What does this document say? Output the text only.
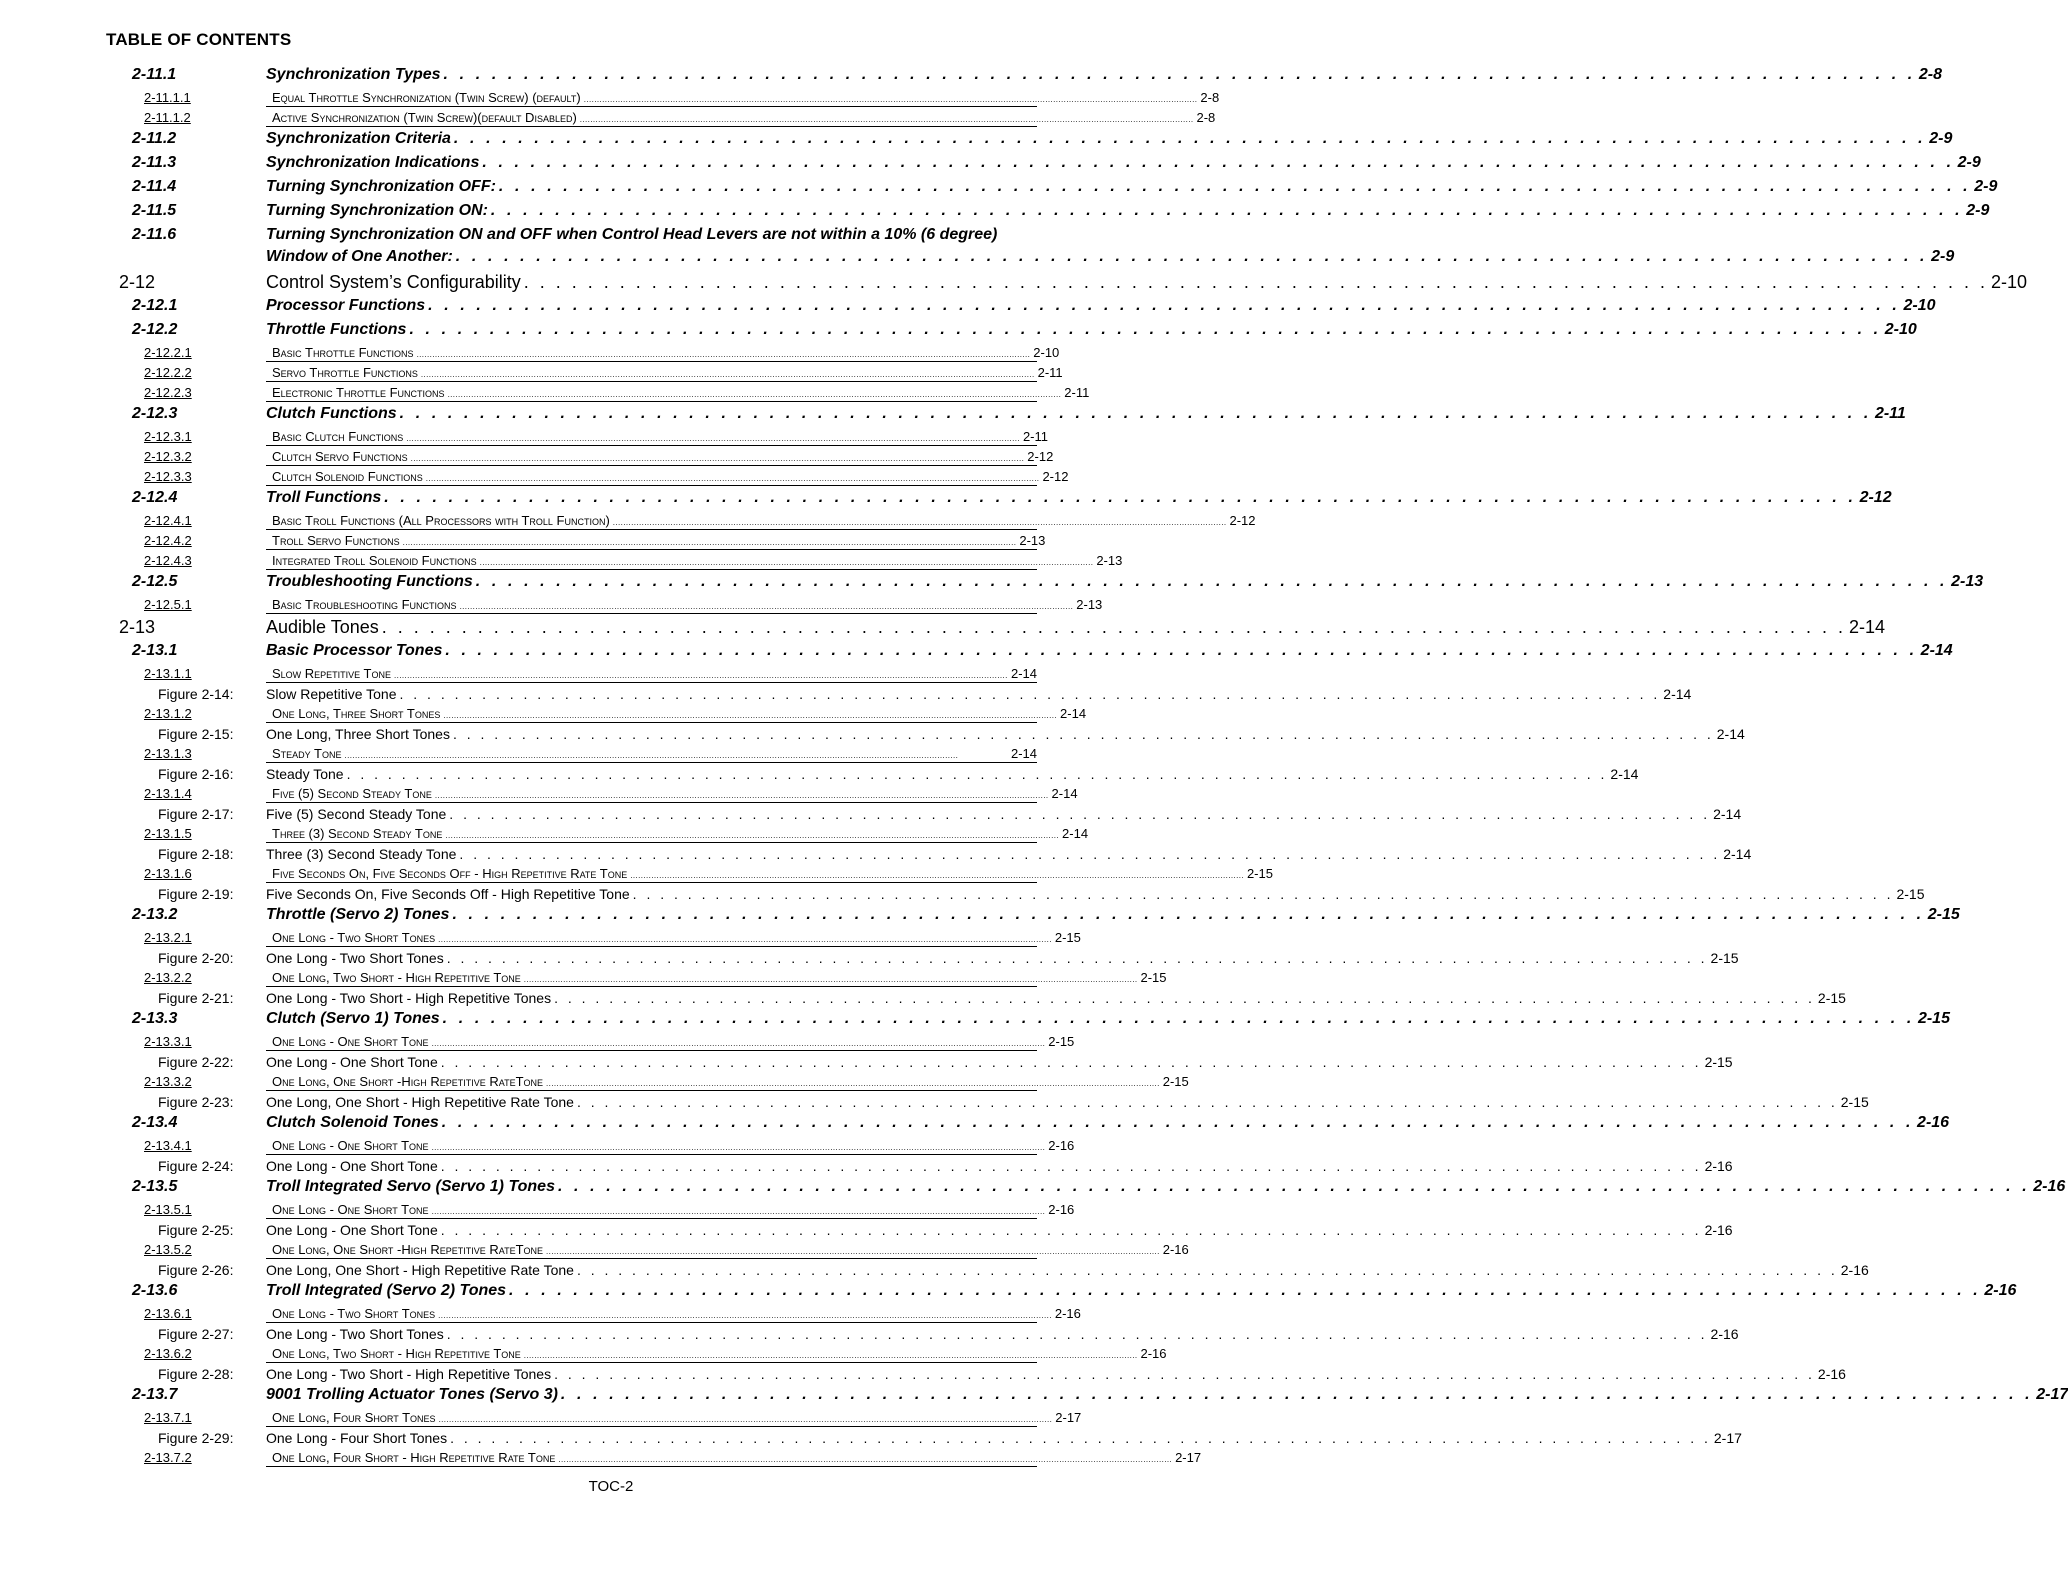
TABLE OF CONTENTS
2-11.1	Synchronization Types . . . . . . . . . . . . . . . . . . . . . . . . . . . . . . . . . . . . . . . . . . . . . . . . . . . . . . . . . . . . . . . . . . . . . . . . . . . . . . . . . . . . . . . . . . . . 2-8
2-11.1.1	Equal Throttle Synchronization (Twin Screw) (default) .......................................................................................................................................................................................................................................... 2-8
2-11.1.2	Active Synchronization (Twin Screw)(default Disabled) .......................................................................................................................................................................................................................................... 2-8
2-11.2	Synchronization Criteria . . . . . . . . . . . . . . . . . . . . . . . . . . . . . . . . . . . . . . . . . . . . . . . . . . . . . . . . . . . . . . . . . . . . . . . . . . . . . . . . . . . . . . . . . . . . 2-9
2-11.3	Synchronization Indications . . . . . . . . . . . . . . . . . . . . . . . . . . . . . . . . . . . . . . . . . . . . . . . . . . . . . . . . . . . . . . . . . . . . . . . . . . . . . . . . . . . . . . . . . . . . 2-9
2-11.4	Turning Synchronization OFF: . . . . . . . . . . . . . . . . . . . . . . . . . . . . . . . . . . . . . . . . . . . . . . . . . . . . . . . . . . . . . . . . . . . . . . . . . . . . . . . . . . . . . . . . . . . . 2-9
2-11.5	Turning Synchronization ON: . . . . . . . . . . . . . . . . . . . . . . . . . . . . . . . . . . . . . . . . . . . . . . . . . . . . . . . . . . . . . . . . . . . . . . . . . . . . . . . . . . . . . . . . . . . . 2-9
2-11.6	Turning Synchronization ON and OFF when Control Head Levers are not within a 10% (6 degree)
Window of One Another: . . . . . . . . . . . . . . . . . . . . . . . . . . . . . . . . . . . . . . . . . . . . . . . . . . . . . . . . . . . . . . . . . . . . . . . . . . . . . . . . . . . . . . . . . . . . 2-9
2-12	Control System’s Configurability . . . . . . . . . . . . . . . . . . . . . . . . . . . . . . . . . . . . . . . . . . . . . . . . . . . . . . . . . . . . . . . . . . . . . . . . . . . . . . . . . . . . . . . . . . . . 2-10
2-12.1	Processor Functions . . . . . . . . . . . . . . . . . . . . . . . . . . . . . . . . . . . . . . . . . . . . . . . . . . . . . . . . . . . . . . . . . . . . . . . . . . . . . . . . . . . . . . . . . . . . 2-10
2-12.2	Throttle Functions . . . . . . . . . . . . . . . . . . . . . . . . . . . . . . . . . . . . . . . . . . . . . . . . . . . . . . . . . . . . . . . . . . . . . . . . . . . . . . . . . . . . . . . . . . . . 2-10
2-12.2.1	Basic Throttle Functions .......................................................................................................................................................................................................................................... 2-10
2-12.2.2	Servo Throttle Functions .......................................................................................................................................................................................................................................... 2-11
2-12.2.3	Electronic Throttle Functions .......................................................................................................................................................................................................................................... 2-11
2-12.3	Clutch Functions . . . . . . . . . . . . . . . . . . . . . . . . . . . . . . . . . . . . . . . . . . . . . . . . . . . . . . . . . . . . . . . . . . . . . . . . . . . . . . . . . . . . . . . . . . . . 2-11
2-12.3.1	Basic Clutch Functions .......................................................................................................................................................................................................................................... 2-11
2-12.3.2	Clutch Servo Functions .......................................................................................................................................................................................................................................... 2-12
2-12.3.3	Clutch Solenoid Functions .......................................................................................................................................................................................................................................... 2-12
2-12.4	Troll Functions . . . . . . . . . . . . . . . . . . . . . . . . . . . . . . . . . . . . . . . . . . . . . . . . . . . . . . . . . . . . . . . . . . . . . . . . . . . . . . . . . . . . . . . . . . . . 2-12
2-12.4.1	Basic Troll Functions (All Processors with Troll Function) .......................................................................................................................................................................................................................................... 2-12
2-12.4.2	Troll Servo Functions .......................................................................................................................................................................................................................................... 2-13
2-12.4.3	Integrated Troll Solenoid Functions .......................................................................................................................................................................................................................................... 2-13
2-12.5	Troubleshooting Functions . . . . . . . . . . . . . . . . . . . . . . . . . . . . . . . . . . . . . . . . . . . . . . . . . . . . . . . . . . . . . . . . . . . . . . . . . . . . . . . . . . . . . . . . . . . . 2-13
2-12.5.1	Basic Troubleshooting Functions .......................................................................................................................................................................................................................................... 2-13
2-13	Audible Tones . . . . . . . . . . . . . . . . . . . . . . . . . . . . . . . . . . . . . . . . . . . . . . . . . . . . . . . . . . . . . . . . . . . . . . . . . . . . . . . . . . . . . . . . . . . . 2-14
2-13.1	Basic Processor Tones . . . . . . . . . . . . . . . . . . . . . . . . . . . . . . . . . . . . . . . . . . . . . . . . . . . . . . . . . . . . . . . . . . . . . . . . . . . . . . . . . . . . . . . . . . . . 2-14
2-13.1.1	Slow Repetitive Tone .......................................................................................................................................................................................................................................... 2-14
Figure 2-14: Slow Repetitive Tone . . . . . . . . . . . . . . . . . . . . . . . . . . . . . . . . . . . . . . . . . . . . . . . . . . . . . . . . . . . . . . . . . . . . . . . . . . . . . . . . . . . . . . . . . . . . 2-14
2-13.1.2	One Long, Three Short Tones .......................................................................................................................................................................................................................................... 2-14
Figure 2-15: One Long, Three Short Tones . . . . . . . . . . . . . . . . . . . . . . . . . . . . . . . . . . . . . . . . . . . . . . . . . . . . . . . . . . . . . . . . . . . . . . . . . . . . . . . . . . . . . . . . . . . . 2-14
2-13.1.3	Steady Tone ..........................................................................................................................................................................................................................................	2-14
Figure 2-16: Steady Tone . . . . . . . . . . . . . . . . . . . . . . . . . . . . . . . . . . . . . . . . . . . . . . . . . . . . . . . . . . . . . . . . . . . . . . . . . . . . . . . . . . . . . . . . . . . . 2-14
2-13.1.4	Five (5) Second Steady Tone .......................................................................................................................................................................................................................................... 2-14
Figure 2-17: Five (5) Second Steady Tone . . . . . . . . . . . . . . . . . . . . . . . . . . . . . . . . . . . . . . . . . . . . . . . . . . . . . . . . . . . . . . . . . . . . . . . . . . . . . . . . . . . . . . . . . . . . 2-14
2-13.1.5	Three (3) Second Steady Tone .......................................................................................................................................................................................................................................... 2-14
Figure 2-18: Three (3) Second Steady Tone . . . . . . . . . . . . . . . . . . . . . . . . . . . . . . . . . . . . . . . . . . . . . . . . . . . . . . . . . . . . . . . . . . . . . . . . . . . . . . . . . . . . . . . . . . . . 2-14
2-13.1.6	Five Seconds On, Five Seconds Off - High Repetitive Rate Tone .......................................................................................................................................................................................................................................... 2-15
Figure 2-19: Five Seconds On, Five Seconds Off - High Repetitive Tone . . . . . . . . . . . . . . . . . . . . . . . . . . . . . . . . . . . . . . . . . . . . . . . . . . . . . . . . . . . . . . . . . . . . . . . . . . . . . . . . . . . . . . . . . . . . 2-15
2-13.2	Throttle (Servo 2) Tones . . . . . . . . . . . . . . . . . . . . . . . . . . . . . . . . . . . . . . . . . . . . . . . . . . . . . . . . . . . . . . . . . . . . . . . . . . . . . . . . . . . . . . . . . . . . 2-15
2-13.2.1	One Long - Two Short Tones .......................................................................................................................................................................................................................................... 2-15
Figure 2-20: One Long - Two Short Tones . . . . . . . . . . . . . . . . . . . . . . . . . . . . . . . . . . . . . . . . . . . . . . . . . . . . . . . . . . . . . . . . . . . . . . . . . . . . . . . . . . . . . . . . . . . . 2-15
2-13.2.2	One Long, Two Short - High Repetitive Tone .......................................................................................................................................................................................................................................... 2-15
Figure 2-21: One Long - Two Short - High Repetitive Tones . . . . . . . . . . . . . . . . . . . . . . . . . . . . . . . . . . . . . . . . . . . . . . . . . . . . . . . . . . . . . . . . . . . . . . . . . . . . . . . . . . . . . . . . . . . . 2-15
2-13.3	Clutch (Servo 1) Tones . . . . . . . . . . . . . . . . . . . . . . . . . . . . . . . . . . . . . . . . . . . . . . . . . . . . . . . . . . . . . . . . . . . . . . . . . . . . . . . . . . . . . . . . . . . . 2-15
2-13.3.1	One Long - One Short Tone .......................................................................................................................................................................................................................................... 2-15
Figure 2-22: One Long - One Short Tone . . . . . . . . . . . . . . . . . . . . . . . . . . . . . . . . . . . . . . . . . . . . . . . . . . . . . . . . . . . . . . . . . . . . . . . . . . . . . . . . . . . . . . . . . . . . 2-15
2-13.3.2	One Long, One Short -High Repetitive RateTone .......................................................................................................................................................................................................................................... 2-15
Figure 2-23: One Long, One Short - High Repetitive Rate Tone . . . . . . . . . . . . . . . . . . . . . . . . . . . . . . . . . . . . . . . . . . . . . . . . . . . . . . . . . . . . . . . . . . . . . . . . . . . . . . . . . . . . . . . . . . . . 2-15
2-13.4	Clutch Solenoid Tones . . . . . . . . . . . . . . . . . . . . . . . . . . . . . . . . . . . . . . . . . . . . . . . . . . . . . . . . . . . . . . . . . . . . . . . . . . . . . . . . . . . . . . . . . . . . 2-16
2-13.4.1	One Long - One Short Tone .......................................................................................................................................................................................................................................... 2-16
Figure 2-24: One Long - One Short Tone . . . . . . . . . . . . . . . . . . . . . . . . . . . . . . . . . . . . . . . . . . . . . . . . . . . . . . . . . . . . . . . . . . . . . . . . . . . . . . . . . . . . . . . . . . . . 2-16
2-13.5	Troll Integrated Servo (Servo 1) Tones . . . . . . . . . . . . . . . . . . . . . . . . . . . . . . . . . . . . . . . . . . . . . . . . . . . . . . . . . . . . . . . . . . . . . . . . . . . . . . . . . . . . . . . . . . . . 2-16
2-13.5.1	One Long - One Short Tone .......................................................................................................................................................................................................................................... 2-16
Figure 2-25: One Long - One Short Tone . . . . . . . . . . . . . . . . . . . . . . . . . . . . . . . . . . . . . . . . . . . . . . . . . . . . . . . . . . . . . . . . . . . . . . . . . . . . . . . . . . . . . . . . . . . . 2-16
2-13.5.2	One Long, One Short -High Repetitive RateTone .......................................................................................................................................................................................................................................... 2-16
Figure 2-26: One Long, One Short - High Repetitive Rate Tone . . . . . . . . . . . . . . . . . . . . . . . . . . . . . . . . . . . . . . . . . . . . . . . . . . . . . . . . . . . . . . . . . . . . . . . . . . . . . . . . . . . . . . . . . . . . 2-16
2-13.6	Troll Integrated (Servo 2) Tones . . . . . . . . . . . . . . . . . . . . . . . . . . . . . . . . . . . . . . . . . . . . . . . . . . . . . . . . . . . . . . . . . . . . . . . . . . . . . . . . . . . . . . . . . . . . 2-16
2-13.6.1	One Long - Two Short Tones .......................................................................................................................................................................................................................................... 2-16
Figure 2-27: One Long - Two Short Tones . . . . . . . . . . . . . . . . . . . . . . . . . . . . . . . . . . . . . . . . . . . . . . . . . . . . . . . . . . . . . . . . . . . . . . . . . . . . . . . . . . . . . . . . . . . . 2-16
2-13.6.2	One Long, Two Short - High Repetitive Tone .......................................................................................................................................................................................................................................... 2-16
Figure 2-28: One Long - Two Short - High Repetitive Tones . . . . . . . . . . . . . . . . . . . . . . . . . . . . . . . . . . . . . . . . . . . . . . . . . . . . . . . . . . . . . . . . . . . . . . . . . . . . . . . . . . . . . . . . . . . . 2-16
2-13.7	9001 Trolling Actuator Tones (Servo 3) . . . . . . . . . . . . . . . . . . . . . . . . . . . . . . . . . . . . . . . . . . . . . . . . . . . . . . . . . . . . . . . . . . . . . . . . . . . . . . . . . . . . . . . . . . . . 2-17
2-13.7.1	One Long, Four Short Tones .......................................................................................................................................................................................................................................... 2-17
Figure 2-29: One Long - Four Short Tones . . . . . . . . . . . . . . . . . . . . . . . . . . . . . . . . . . . . . . . . . . . . . . . . . . . . . . . . . . . . . . . . . . . . . . . . . . . . . . . . . . . . . . . . . . . . 2-17
2-13.7.2	One Long, Four Short - High Repetitive Rate Tone .......................................................................................................................................................................................................................................... 2-17
TOC-2
